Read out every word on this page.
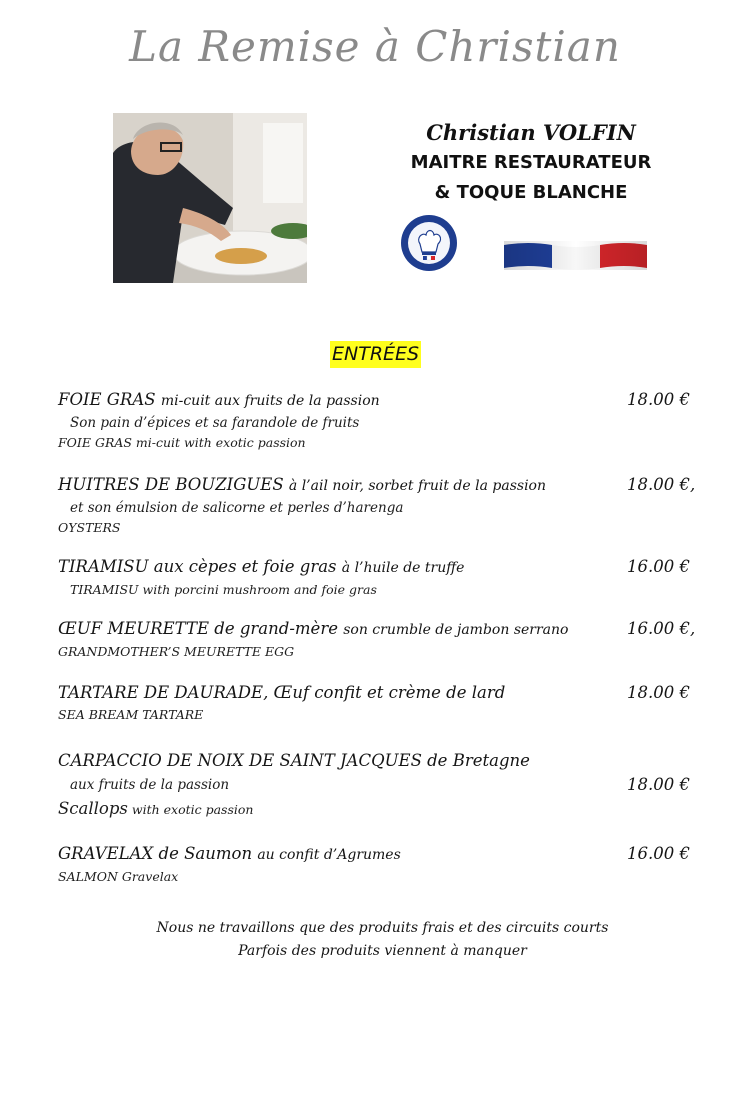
La Remise à Christian
Christian VOLFIN
MAITRE RESTAURATEUR
& TOQUE BLANCHE
ENTRÉES
FOIE GRAS mi-cuit aux fruits de la passion
Son pain d’épices et sa farandole de fruits
FOIE GRAS mi-cuit with exotic passion
18.00 €
HUITRES DE BOUZIGUES à l’ail noir, sorbet fruit de la passion
et son émulsion de salicorne et perles d’harenga
OYSTERS
18.00 €,
TIRAMISU aux cèpes et foie gras à l’huile de truffe
TIRAMISU with porcini mushroom and foie gras
16.00 €
ŒUF MEURETTE de grand-mère son crumble de jambon serrano
GRANDMOTHER’S MEURETTE EGG
16.00 €,
TARTARE DE DAURADE, Œuf confit et crème de lard
SEA BREAM TARTARE
18.00 €
CARPACCIO DE NOIX DE SAINT JACQUES de Bretagne
aux fruits de la passion
Scallops with exotic passion
18.00 €
GRAVELAX de Saumon au confit d’Agrumes
SALMON Gravelax
16.00 €
Nous ne travaillons que des produits frais et des circuits courts
Parfois des produits viennent à manquer
